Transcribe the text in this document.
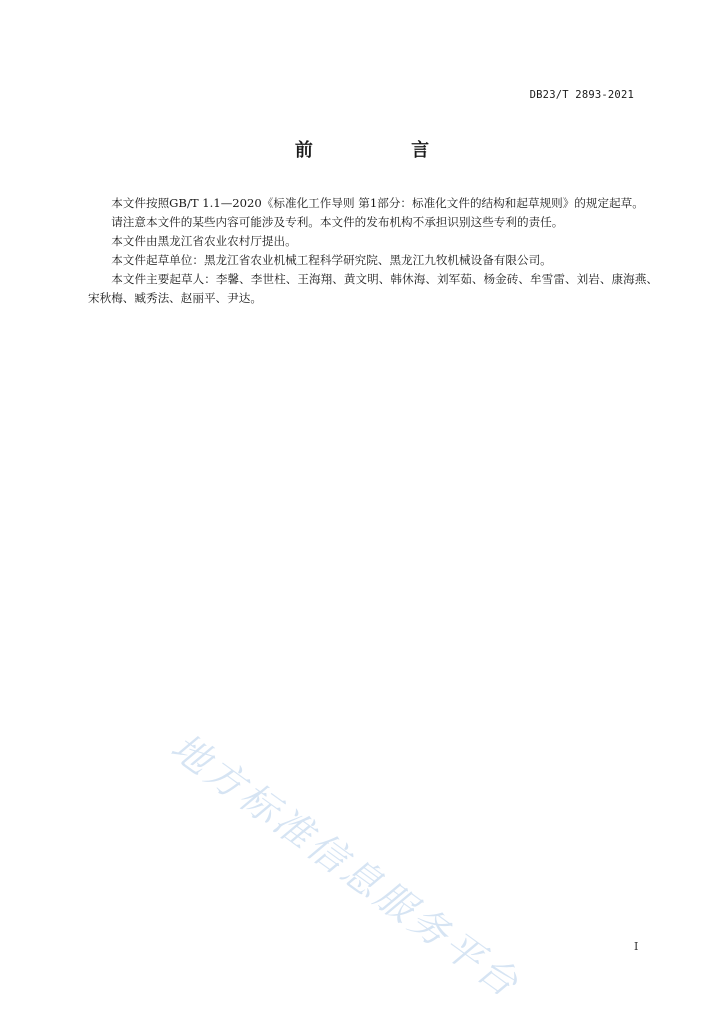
DB23/T 2893-2021
前 言

本文件按照GB/T 1.1—2020《标准化工作导则 第1部分：标准化文件的结构和起草规则》的规定起草。

请注意本文件的某些内容可能涉及专利。本文件的发布机构不承担识别这些专利的责任。

本文件由黑龙江省农业农村厅提出。

本文件起草单位：黑龙江省农业机械工程科学研究院、黑龙江九牧机械设备有限公司。

本文件主要起草人：李馨、李世柱、王海翔、黄文明、韩休海、刘军茹、杨金砖、牟雪雷、刘岩、康海燕、宋秋梅、臧秀法、赵丽平、尹达。

地方标准信息服务平台	I
